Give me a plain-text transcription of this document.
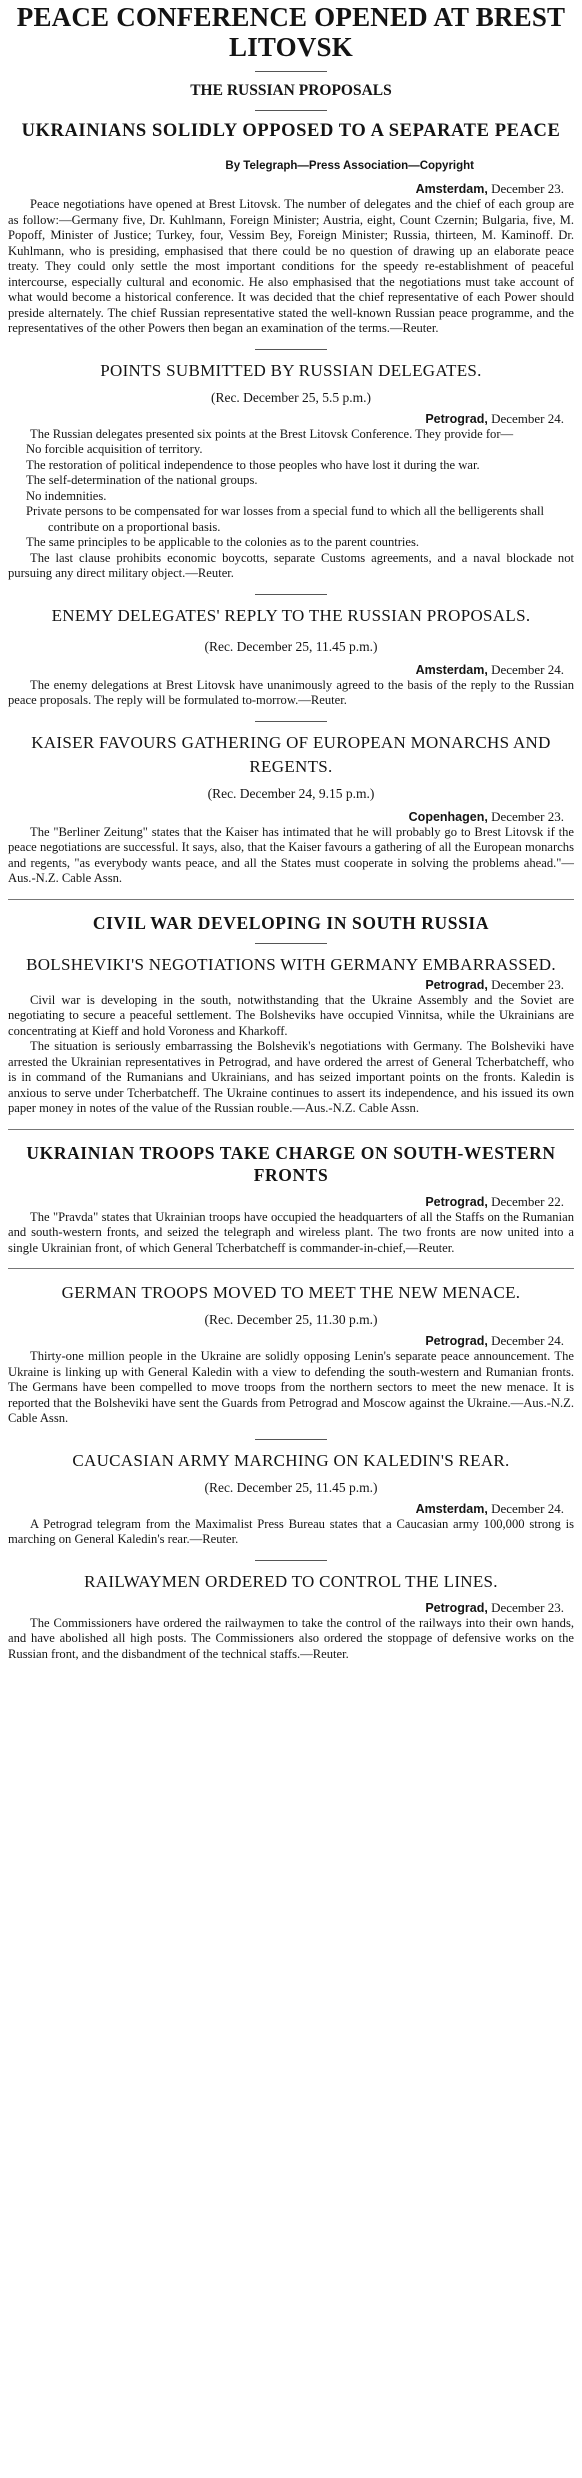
PEACE CONFERENCE OPENED AT BREST LITOVSK
THE RUSSIAN PROPOSALS
UKRAINIANS SOLIDLY OPPOSED TO A SEPARATE PEACE

By Telegraph—Press Association—Copyright

Amsterdam, December 23.

Peace negotiations have opened at Brest Litovsk. The number of delegates and the chief of each group are as follow:—Germany five, Dr. Kuhlmann, Foreign Minister; Austria, eight, Count Czernin; Bulgaria, five, M. Popoff, Minister of Justice; Turkey, four, Vessim Bey, Foreign Minister; Russia, thirteen, M. Kaminoff. Dr. Kuhlmann, who is presiding, emphasised that there could be no question of drawing up an elaborate peace treaty. They could only settle the most important conditions for the speedy re-establishment of peaceful intercourse, especially cultural and economic. He also emphasised that the negotiations must take account of what would become a historical conference. It was decided that the chief representative of each Power should preside alternately. The chief Russian representative stated the well-known Russian peace programme, and the representatives of the other Powers then began an examination of the terms.—Reuter.

POINTS SUBMITTED BY RUSSIAN DELEGATES.

(Rec. December 25, 5.5 p.m.)

Petrograd, December 24.

The Russian delegates presented six points at the Brest Litovsk Conference. They provide for—

No forcible acquisition of territory.
The restoration of political independence to those peoples who have lost it during the war.
The self-determination of the national groups.
No indemnities.
Private persons to be compensated for war losses from a special fund to which all the belligerents shall contribute on a proportional basis.
The same principles to be applicable to the colonies as to the parent countries.

The last clause prohibits economic boycotts, separate Customs agreements, and a naval blockade not pursuing any direct military object.—Reuter.

ENEMY DELEGATES' REPLY TO THE RUSSIAN PROPOSALS.

(Rec. December 25, 11.45 p.m.)

Amsterdam, December 24.

The enemy delegations at Brest Litovsk have unanimously agreed to the basis of the reply to the Russian peace proposals. The reply will be formulated to-morrow.—Reuter.

KAISER FAVOURS GATHERING OF EUROPEAN MONARCHS AND REGENTS.

(Rec. December 24, 9.15 p.m.)

Copenhagen, December 23.

The "Berliner Zeitung" states that the Kaiser has intimated that he will probably go to Brest Litovsk if the peace negotiations are successful. It says, also, that the Kaiser favours a gathering of all the European monarchs and regents, "as everybody wants peace, and all the States must cooperate in solving the problems ahead."—Aus.-N.Z. Cable Assn.

CIVIL WAR DEVELOPING IN SOUTH RUSSIA
BOLSHEVIKI'S NEGOTIATIONS WITH GERMANY EMBARRASSED.

Petrograd, December 23.

Civil war is developing in the south, notwithstanding that the Ukraine Assembly and the Soviet are negotiating to secure a peaceful settlement. The Bolsheviks have occupied Vinnitsa, while the Ukrainians are concentrating at Kieff and hold Voroness and Kharkoff.

The situation is seriously embarrassing the Bolshevik's negotiations with Germany. The Bolsheviki have arrested the Ukrainian representatives in Petrograd, and have ordered the arrest of General Tcherbatcheff, who is in command of the Rumanians and Ukrainians, and has seized important points on the fronts. Kaledin is anxious to serve under Tcherbatcheff. The Ukraine continues to assert its independence, and his issued its own paper money in notes of the value of the Russian rouble.—Aus.-N.Z. Cable Assn.

UKRAINIAN TROOPS TAKE CHARGE ON SOUTH-WESTERN FRONTS

Petrograd, December 22.

The "Pravda" states that Ukrainian troops have occupied the headquarters of all the Staffs on the Rumanian and south-western fronts, and seized the telegraph and wireless plant. The two fronts are now united into a single Ukrainian front, of which General Tcherbatcheff is commander-in-chief,—Reuter.

GERMAN TROOPS MOVED TO MEET THE NEW MENACE.

(Rec. December 25, 11.30 p.m.)

Petrograd, December 24.

Thirty-one million people in the Ukraine are solidly opposing Lenin's separate peace announcement. The Ukraine is linking up with General Kaledin with a view to defending the south-western and Rumanian fronts. The Germans have been compelled to move troops from the northern sectors to meet the new menace. It is reported that the Bolsheviki have sent the Guards from Petrograd and Moscow against the Ukraine.—Aus.-N.Z. Cable Assn.

CAUCASIAN ARMY MARCHING ON KALEDIN'S REAR.

(Rec. December 25, 11.45 p.m.)

Amsterdam, December 24.

A Petrograd telegram from the Maximalist Press Bureau states that a Caucasian army 100,000 strong is marching on General Kaledin's rear.—Reuter.

RAILWAYMEN ORDERED TO CONTROL THE LINES.

Petrograd, December 23.

The Commissioners have ordered the railwaymen to take the control of the railways into their own hands, and have abolished all high posts. The Commissioners also ordered the stoppage of defensive works on the Russian front, and the disbandment of the technical staffs.—Reuter.
